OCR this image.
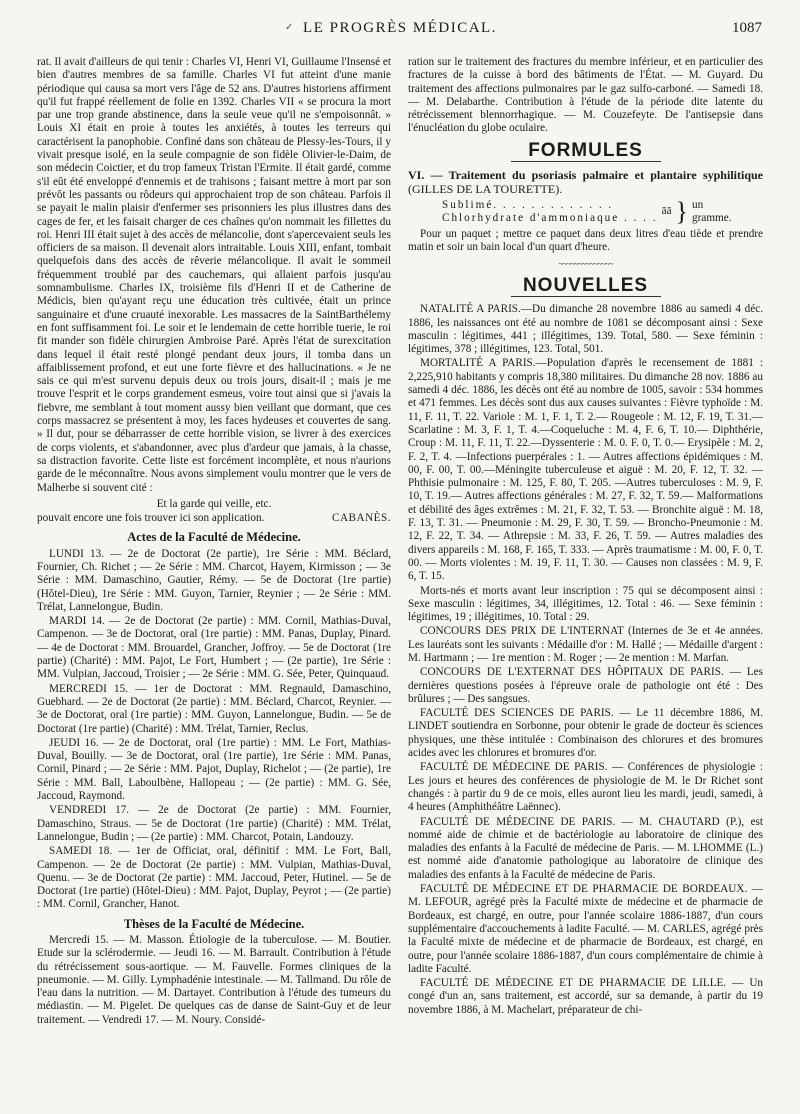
✓ LE PROGRÈS MÉDICAL.	1087

rat. Il avait d'ailleurs de qui tenir : Charles VI, Henri VI, Guillaume l'Insensé et bien d'autres membres de sa famille. Charles VI fut atteint d'une manie périodique qui causa sa mort vers l'âge de 52 ans. D'autres historiens affirment qu'il fut frappé réellement de folie en 1392. Charles VII « se procura la mort par une trop grande abstinence, dans la seule veue qu'il ne s'empoisonnât. » Louis XI était en proie à toutes les anxiétés, à toutes les terreurs qui caractérisent la panophobie. Confiné dans son château de Plessy-les-Tours, il y vivait presque isolé, en la seule compagnie de son fidèle Olivier-le-Daim, de son médecin Coictier, et du trop fameux Tristan l'Ermite. Il était gardé, comme s'il eût été enveloppé d'ennemis et de trahisons ; faisant mettre à mort par son prévôt les passants ou rôdeurs qui approchaient trop de son château. Parfois il se payait le malin plaisir d'enfermer ses prisonniers les plus illustres dans des cages de fer, et les faisait charger de ces chaînes qu'on nommait les fillettes du roi. Henri III était sujet à des accès de mélancolie, dont s'apercevaient seuls les officiers de sa maison. Il devenait alors intraitable. Louis XIII, enfant, tombait quelquefois dans des accès de rêverie mélancolique. Il avait le sommeil fréquemment troublé par des cauchemars, qui allaient parfois jusqu'au somnambulisme. Charles IX, troisième fils d'Henri II et de Catherine de Médicis, bien qu'ayant reçu une éducation très cultivée, était un prince sanguinaire et d'une cruauté inexorable. Les massacres de la SaintBarthélemy en font suffisamment foi. Le soir et le lendemain de cette horrible tuerie, le roi fit mander son fidèle chirurgien Ambroise Paré. Après l'état de surexcitation dans lequel il était resté plongé pendant deux jours, il tomba dans un affaiblissement profond, et eut une forte fièvre et des hallucinations. « Je ne sais ce qui m'est survenu depuis deux ou trois jours, disait-il ; mais je me trouve l'esprit et le corps grandement esmeus, voire tout ainsi que si j'avais la fiebvre, me semblant à tout moment aussy bien veillant que dormant, que ces corps massacrez se présentent à moy, les faces hydeuses et couvertes de sang. » Il dut, pour se débarrasser de cette horrible vision, se livrer à des exercices de corps violents, et s'abandonner, avec plus d'ardeur que jamais, à la chasse, sa distraction favorite. Cette liste est forcément incomplète, et nous n'aurions garde de le méconnaître. Nous avons simplement voulu montrer que le vers de Malherbe si souvent cité :

Et la garde qui veille, etc.

pouvait encore une fois trouver ici son application.	CABANÈS.
Actes de la Faculté de Médecine.

LUNDI 13. — 2e de Doctorat (2e partie), 1re Série : MM. Béclard, Fournier, Ch. Richet ; — 2e Série : MM. Charcot, Hayem, Kirmisson ; — 3e Série : MM. Damaschino, Gautier, Rémy. — 5e de Doctorat (1re partie) (Hôtel-Dieu), 1re Série : MM. Guyon, Tarnier, Reynier ; — 2e Série : MM. Trélat, Lannelongue, Budin.

MARDI 14. — 2e de Doctorat (2e partie) : MM. Cornil, Mathias-Duval, Campenon. — 3e de Doctorat, oral (1re partie) : MM. Panas, Duplay, Pinard. — 4e de Doctorat : MM. Brouardel, Grancher, Joffroy. — 5e de Doctorat (1re partie) (Charité) : MM. Pajot, Le Fort, Humbert ; — (2e partie), 1re Série : MM. Vulpian, Jaccoud, Troisier ; — 2e Série : MM. G. Sée, Peter, Quinquaud.

MERCREDI 15. — 1er de Doctorat : MM. Regnauld, Damaschino, Guebhard. — 2e de Doctorat (2e partie) : MM. Béclard, Charcot, Reynier. — 3e de Doctorat, oral (1re partie) : MM. Guyon, Lannelongue, Budin. — 5e de Doctorat (1re partie) (Charité) : MM. Trélat, Tarnier, Reclus.

JEUDI 16. — 2e de Doctorat, oral (1re partie) : MM. Le Fort, Mathias-Duval, Bouilly. — 3e de Doctorat, oral (1re partie), 1re Série : MM. Panas, Cornil, Pinard ; — 2e Série : MM. Pajot, Duplay, Richelot ; — (2e partie), 1re Série : MM. Ball, Laboulbène, Hallopeau ; — (2e partie) : MM. G. Sée, Jaccoud, Raymond.

VENDREDI 17. — 2e de Doctorat (2e partie) : MM. Fournier, Damaschino, Straus. — 5e de Doctorat (1re partie) (Charité) : MM. Trélat, Lannelongue, Budin ; — (2e partie) : MM. Charcot, Potain, Landouzy.

SAMEDI 18. — 1er de Officiat, oral, définitif : MM. Le Fort, Ball, Campenon. — 2e de Doctorat (2e partie) : MM. Vulpian, Mathias-Duval, Quenu. — 3e de Doctorat (2e partie) : MM. Jaccoud, Peter, Hutinel. — 5e de Doctorat (1re partie) (Hôtel-Dieu) : MM. Pajot, Duplay, Peyrot ; — (2e partie) : MM. Cornil, Grancher, Hanot.

Thèses de la Faculté de Médecine.

Mercredi 15. — M. Masson. Étiologie de la tuberculose. — M. Boutier. Etude sur la sclérodermie. — Jeudi 16. — M. Barrault. Contribution à l'étude du rétrécissement sous-aortique. — M. Fauvelle. Formes cliniques de la pneumonie. — M. Gilly. Lymphadénie intestinale. — M. Tallmand. Du rôle de l'eau dans la nutrition. — M. Dartayet. Contribution à l'étude des tumeurs du médiastin. — M. Pigelet. De quelques cas de danse de Saint-Guy et de leur traitement. — Vendredi 17. — M. Noury. Considé-

ration sur le traitement des fractures du membre inférieur, et en particulier des fractures de la cuisse à bord des bâtiments de l'État. — M. Guyard. Du traitement des affections pulmonaires par le gaz sulfo-carboné. — Samedi 18. — M. Delabarthe. Contribution à l'étude de la période dite latente du rétrécissement blennorrhagique. — M. Couzefeyte. De l'antisepsie dans l'énucléation du globe oculaire.

FORMULES

VI. — Traitement du psoriasis palmaire et plantaire syphilitique (GILLES DE LA TOURETTE).

Sublimé. . . . . . . . . . . . .
Chlorhydrate d'ammoniaque . . . .
āā } un
gramme.

Pour un paquet ; mettre ce paquet dans deux litres d'eau tiède et prendre matin et soir un bain local d'un quart d'heure.

~~~~~~~~~~~~~~
NOUVELLES

NATALITÉ A PARIS.—Du dimanche 28 novembre 1886 au samedi 4 déc. 1886, les naissances ont été au nombre de 1081 se décomposant ainsi : Sexe masculin : légitimes, 441 ; illégitimes, 139. Total, 580. — Sexe féminin : légitimes, 378 ; illégitimes, 123. Total, 501.

MORTALITÉ A PARIS.—Population d'après le recensement de 1881 : 2,225,910 habitants y compris 18,380 militaires. Du dimanche 28 nov. 1886 au samedi 4 déc. 1886, les décès ont été au nombre de 1005, savoir : 534 hommes et 471 femmes. Les décès sont dus aux causes suivantes : Fièvre typhoïde : M. 11, F. 11, T. 22. Variole : M. 1, F. 1, T. 2.— Rougeole : M. 12, F. 19, T. 31.—Scarlatine : M. 3, F. 1, T. 4.—Coqueluche : M. 4, F. 6, T. 10.— Diphthérie, Croup : M. 11, F. 11, T. 22.—Dyssenterie : M. 0. F. 0, T. 0.— Erysipèle : M. 2, F. 2, T. 4. —Infections puerpérales : 1. — Autres affections épidémiques : M. 00, F. 00, T. 00.—Méningite tuberculeuse et aiguë : M. 20, F. 12, T. 32. — Phthisie pulmonaire : M. 125, F. 80, T. 205. —Autres tuberculoses : M. 9, F. 10, T. 19.— Autres affections générales : M. 27, F. 32, T. 59.— Malformations et débilité des âges extrêmes : M. 21, F. 32, T. 53. — Bronchite aiguë : M. 18, F. 13, T. 31. — Pneumonie : M. 29, F. 30, T. 59. — Broncho-Pneumonie : M. 12, F. 22, T. 34. — Athrepsie : M. 33, F. 26, T. 59. — Autres maladies des divers appareils : M. 168, F. 165, T. 333. — Après traumatisme : M. 00, F. 0, T. 00. — Morts violentes : M. 19, F. 11, T. 30. — Causes non classées : M. 9, F. 6, T. 15.

Morts-nés et morts avant leur inscription : 75 qui se décomposent ainsi : Sexe masculin : légitimes, 34, illégitimes, 12. Total : 46. — Sexe féminin : légitimes, 19 ; illégitimes, 10. Total : 29.

CONCOURS DES PRIX DE L'INTERNAT (Internes de 3e et 4e années. Les lauréats sont les suivants : Médaille d'or : M. Hallé ; — Médaille d'argent : M. Hartmann ; — 1re mention : M. Roger ; — 2e mention : M. Marfan.

CONCOURS DE L'EXTERNAT DES HÔPITAUX DE PARIS. — Les dernières questions posées à l'épreuve orale de pathologie ont été : Des brûlures ; — Des sangsues.

FACULTÉ DES SCIENCES DE PARIS. — Le 11 décembre 1886, M. LINDET soutiendra en Sorbonne, pour obtenir le grade de docteur ès sciences physiques, une thèse intitulée : Combinaison des chlorures et des bromures acides avec les chlorures et bromures d'or.

FACULTÉ DE MÉDECINE DE PARIS. — Conférences de physiologie : Les jours et heures des conférences de physiologie de M. le Dr Richet sont changés : à partir du 9 de ce mois, elles auront lieu les mardi, jeudi, samedi, à 4 heures (Amphithéâtre Laënnec).

FACULTÉ DE MÉDECINE DE PARIS. — M. CHAUTARD (P.), est nommé aide de chimie et de bactériologie au laboratoire de clinique des maladies des enfants à la Faculté de médecine de Paris. — M. LHOMME (L.) est nommé aide d'anatomie pathologique au laboratoire de clinique des maladies des enfants à la Faculté de médecine de Paris.

FACULTÉ DE MÉDECINE ET DE PHARMACIE DE BORDEAUX. — M. LEFOUR, agrégé près la Faculté mixte de médecine et de pharmacie de Bordeaux, est chargé, en outre, pour l'année scolaire 1886-1887, d'un cours supplémentaire d'accouchements à ladite Faculté. — M. CARLES, agrégé près la Faculté mixte de médecine et de pharmacie de Bordeaux, est chargé, en outre, pour l'année scolaire 1886-1887, d'un cours complémentaire de chimie à ladite Faculté.

FACULTÉ DE MÉDECINE ET DE PHARMACIE DE LILLE. — Un congé d'un an, sans traitement, est accordé, sur sa demande, à partir du 19 novembre 1886, à M. Machelart, préparateur de chi-
